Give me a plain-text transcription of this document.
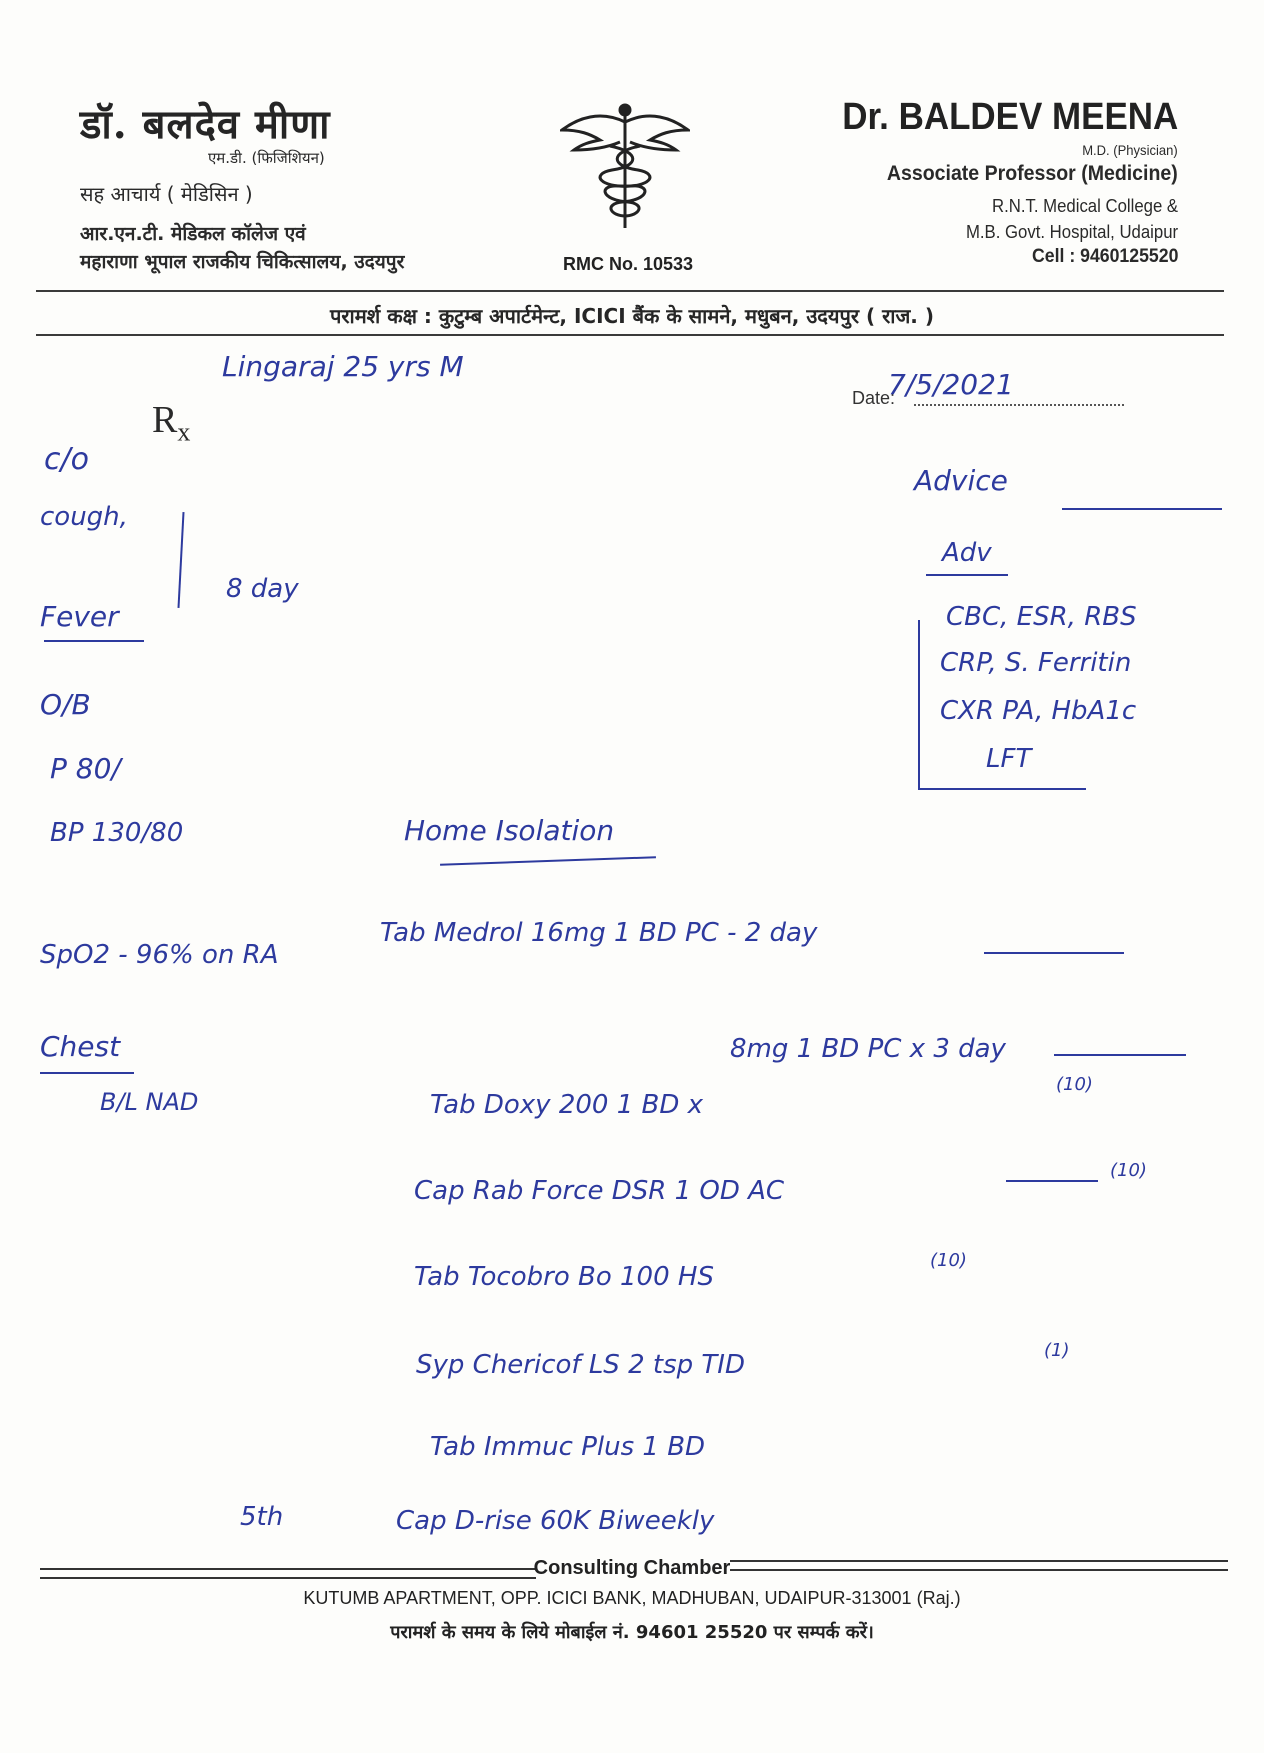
डॉ. बलदेव मीणा
एम.डी. (फिजिशियन)
सह आचार्य ( मेडिसिन )
आर.एन.टी. मेडिकल कॉलेज एवं
महाराणा भूपाल राजकीय चिकित्सालय, उदयपुर	RMC No. 10533
Dr. BALDEV MEENA
M.D. (Physician)
Associate Professor (Medicine)
R.N.T. Medical College &
M.B. Govt. Hospital, Udaipur
Cell : 9460125520
परामर्श कक्ष : कुटुम्ब अपार्टमेन्ट, ICICI बैंक के सामने, मधुबन, उदयपुर ( राज. )
Lingaraj 25 yrs M
$R_x$
Date:
7/5/2021
c/o
cough,
8 day
Fever
O/B
P 80/
BP 130/80
SpO2 - 96% on RA
Chest
B/L NAD
Advice
Adv
CBC, ESR, RBS
CRP, S. Ferritin
CXR PA, HbA1c
LFT
Home Isolation
Tab Medrol 16mg 1 BD PC - 2 day
8mg 1 BD PC x 3 day
Tab Doxy 200 1 BD x
Cap Rab Force DSR 1 OD AC
Tab Tocobro Bo 100 HS
Syp Chericof LS 2 tsp TID
Tab Immuc Plus 1 BD
Cap D-rise 60K Biweekly
5th
(10)
(10)
(10)
(1)
Consulting Chamber
KUTUMB APARTMENT, OPP. ICICI BANK, MADHUBAN, UDAIPUR-313001 (Raj.)
परामर्श के समय के लिये मोबाईल नं. 94601 25520 पर सम्पर्क करें।
